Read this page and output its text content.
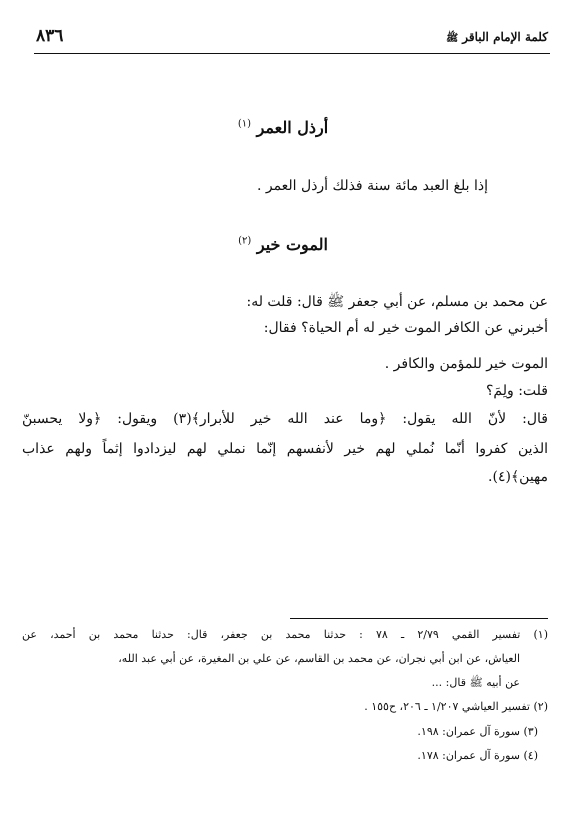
كلمة الإمام الباقرﷺ
٨٣٦
أرذل العمر $^{(١)}$
إذا بلغ العبد مائة سنة فذلك أرذل العمر .
الموت خير $^{(٢)}$
عن محمد بن مسلم، عن أبي جعفر ﷺ قال: قلت له:
أخبرني عن الكافر الموت خير له أم الحياة؟ فقال:
الموت خير للمؤمن والكافر .
قلت: ولِمَ؟
قال: لأنّ الله يقول: ﴿وما عند الله خير للأبرار﴾(٣) ويقول: ﴿ولا يحسبنّ
الذين كفروا أنّما نُملي لهم خير لأنفسهم إنّما نملي لهم ليزدادوا إثماً ولهم عذاب
مهين﴾(٤).
(١) تفسير القمي ٢/٧٩ ـ ٧٨ : حدثنا محمد بن جعفر، قال: حدثنا محمد بن أحمد، عن
العياش، عن ابن أبي نجران، عن محمد بن القاسم، عن علي بن المغيرة، عن أبي عبد الله،
عن أبيه ﷺ قال: ...
(٢) تفسير العياشي ١/٢٠٧ ـ ٢٠٦، ح١٥٥ .
(٣) سورة آل عمران: ١٩٨.
(٤) سورة آل عمران: ١٧٨.
